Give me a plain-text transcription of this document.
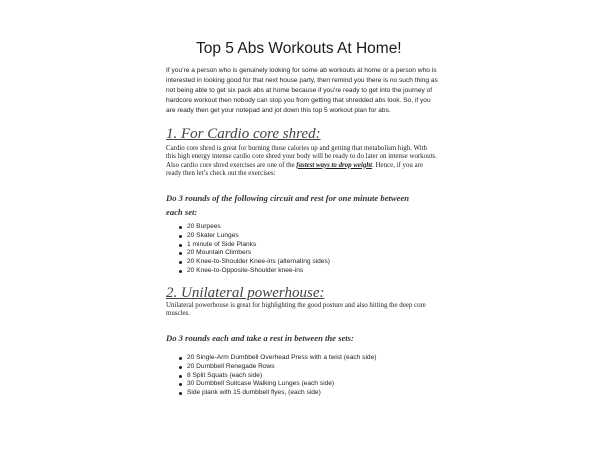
Top 5 Abs Workouts At Home!

If you’re a person who is genuinely looking for some ab workouts at home or a person who is interested in looking good for that next house party, then remind you there is no such thing as not being able to get six pack abs at home because if you’re ready to get into the journey of hardcore workout then nobody can stop you from getting that shredded abs look. So, if you are ready then get your notepad and jot down this top 5 workout plan for abs.

1. For Cardio core shred:

Cardio core shred is great for burning those calories up and getting that metabolism high. With this high energy intense cardio core shred your body will be ready to do later on intense workouts. Also cardio core shred exercises are one of the fastest ways to drop weight. Hence, if you are ready then let’s check out the exercises:

Do 3 rounds of the following circuit and rest for one minute between each set:
20 Burpees
20 Skater Lunges
1 minute of Side Planks
20 Mountain Climbers
20 Knee-to-Shoulder Knee-ins (alternating sides)
20 Knee-to-Opposite-Shoulder knee-ins
2. Unilateral powerhouse:

Unilateral powerhouse is great for highlighting the good posture and also hitting the deep core muscles.

Do 3 rounds each and take a rest in between the sets:
20 Single-Arm Dumbbell Overhead Press with a twist (each side)
20 Dumbbell Renegade Rows
8 Split Squats (each side)
30 Dumbbell Suitcase Walking Lunges (each side)
Side plank with 15 dumbbell flyes, (each side)
